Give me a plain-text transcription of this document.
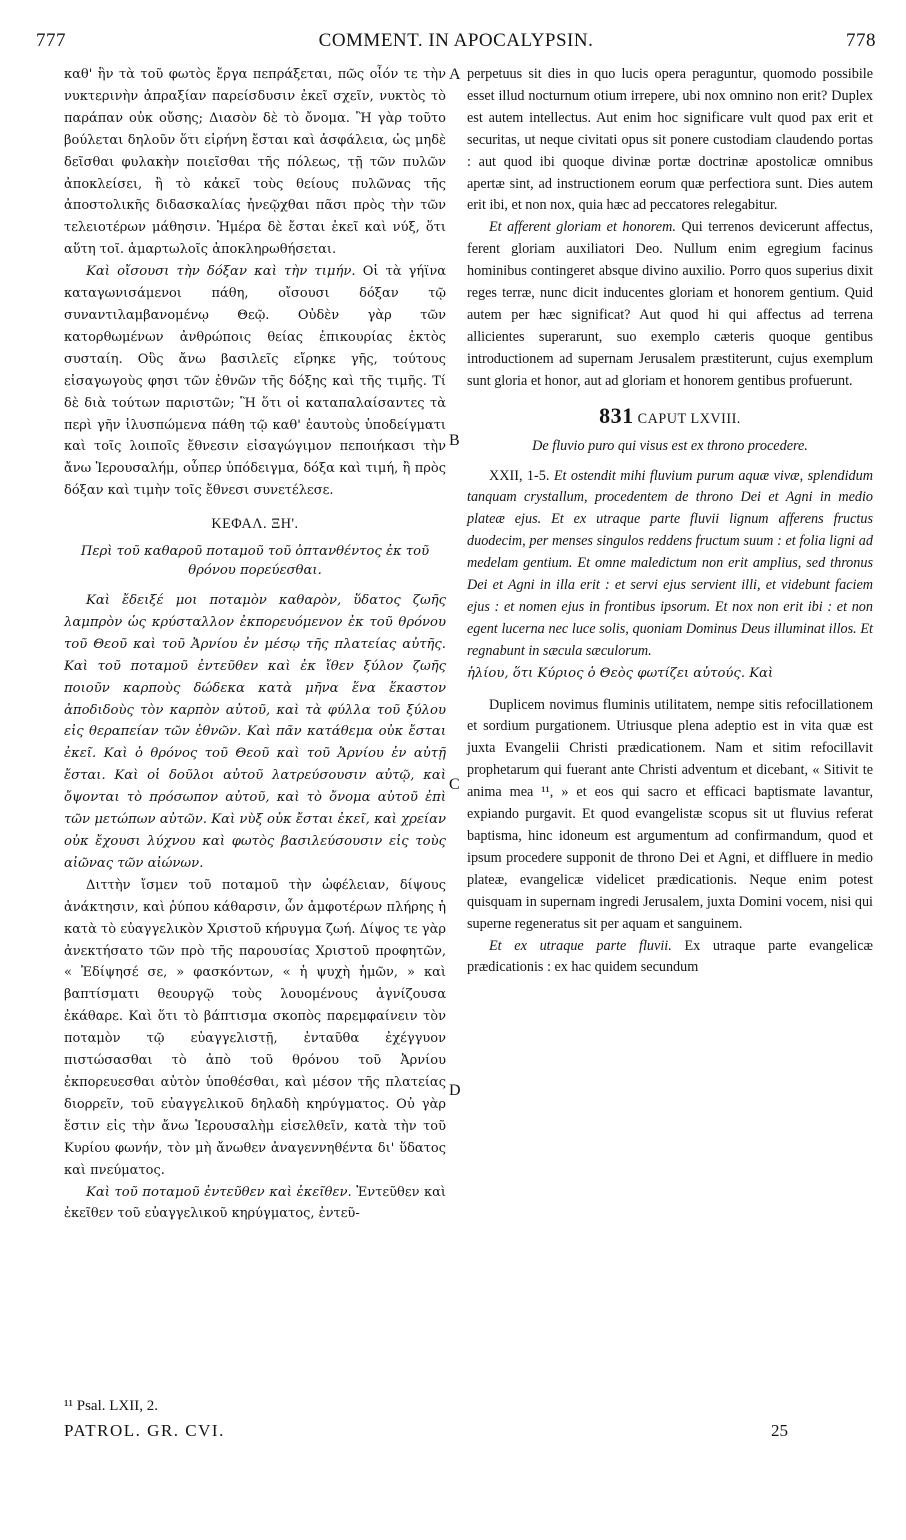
777	COMMENT. IN APOCALYPSIN.	778
A
B
C
D

καθ' ἣν τὰ τοῦ φωτὸς ἔργα πεπράξεται, πῶς οἷόν τε τὴν νυκτερινὴν ἀπραξίαν παρείσδυσιν ἐκεῖ σχεῖν, νυκτὸς τὸ παράπαν οὐκ οὔσης; Διασὸν δὲ τὸ ὄνομα. Ἢ γὰρ τοῦτο βούλεται δηλοῦν ὅτι εἰρήνη ἔσται καὶ ἀσφάλεια, ὡς μηδὲ δεῖσθαι φυλακὴν ποιεῖσθαι τῆς πόλεως, τῇ τῶν πυλῶν ἀποκλείσει, ἢ τὸ κἀκεῖ τοὺς θείους πυλῶνας τῆς ἀποστολικῆς διδασκαλίας ἠνεῷχθαι πᾶσι πρὸς τὴν τῶν τελειοτέρων μάθησιν. Ἡμέρα δὲ ἔσται ἐκεῖ καὶ νύξ, ὅτι αὕτη τοῖ. ἁμαρτωλοῖς ἀποκληρωθήσεται.

Καὶ οἴσουσι τὴν δόξαν καὶ τὴν τιμήν. Οἱ τὰ γήϊνα καταγωνισάμενοι πάθη, οἴσουσι δόξαν τῷ συναντιλαμβανομένῳ Θεῷ. Οὐδὲν γὰρ τῶν κατορθωμένων ἀνθρώποις θείας ἐπικουρίας ἐκτὸς συσταίη. Οὓς ἄνω βασιλεῖς εἴρηκε γῆς, τούτους εἰσαγωγοὺς φησι τῶν ἐθνῶν τῆς δόξης καὶ τῆς τιμῆς. Τί δὲ διὰ τούτων παριστῶν; Ἢ ὅτι οἱ καταπαλαίσαντες τὰ περὶ γῆν ἰλυσπώμενα πάθη τῷ καθ' ἑαυτοὺς ὑποδείγματι καὶ τοῖς λοιποῖς ἔθνεσιν εἰσαγώγιμον πεποιήκασι τὴν ἄνω Ἱερουσαλήμ, οὗπερ ὑπόδειγμα, δόξα καὶ τιμή, ἢ πρὸς δόξαν καὶ τιμὴν τοῖς ἔθνεσι συνετέλεσε.

ΚΕΦΑΛ. ΞΗ'.

Περὶ τοῦ καθαροῦ ποταμοῦ τοῦ ὀπτανθέντος ἐκ τοῦ θρόνου πορεύεσθαι.

Καὶ ἔδειξέ μοι ποταμὸν καθαρὸν, ὕδατος ζωῆς λαμπρὸν ὡς κρύσταλλον ἐκπορευόμενον ἐκ τοῦ θρόνου τοῦ Θεοῦ καὶ τοῦ Ἀρνίου ἐν μέσῳ τῆς πλατείας αὐτῆς. Καὶ τοῦ ποταμοῦ ἐντεῦθεν καὶ ἐκ ἴθεν ξύλον ζωῆς ποιοῦν καρποὺς δώδεκα κατὰ μῆνα ἕνα ἕκαστον ἀποδιδοὺς τὸν καρπὸν αὐτοῦ, καὶ τὰ φύλλα τοῦ ξύλου εἰς θεραπείαν τῶν ἐθνῶν. Καὶ πᾶν κατάθεμα οὐκ ἔσται ἐκεῖ. Καὶ ὁ θρόνος τοῦ Θεοῦ καὶ τοῦ Ἀρνίου ἐν αὐτῇ ἔσται. Καὶ οἱ δοῦλοι αὐτοῦ λατρεύσουσιν αὐτῷ, καὶ ὄψονται τὸ πρόσωπον αὐτοῦ, καὶ τὸ ὄνομα αὐτοῦ ἐπὶ τῶν μετώπων αὐτῶν. Καὶ νὺξ οὐκ ἔσται ἐκεῖ, καὶ χρείαν οὐκ ἔχουσι λύχνου καὶ φωτὸς βασιλεύσουσιν εἰς τοὺς αἰῶνας τῶν αἰώνων.

Διττὴν ἴσμεν τοῦ ποταμοῦ τὴν ὠφέλειαν, δίψους ἀνάκτησιν, καὶ ῥύπου κάθαρσιν, ὧν ἀμφοτέρων πλήρης ἡ κατὰ τὸ εὐαγγελικὸν Χριστοῦ κήρυγμα ζωή. Δίψος τε γὰρ ἀνεκτήσατο τῶν πρὸ τῆς παρουσίας Χριστοῦ προφητῶν, « Ἐδίψησέ σε, » φασκόντων, « ἡ ψυχὴ ἡμῶν, » καὶ βαπτίσματι θεουργῷ τοὺς λουομένους ἁγνίζουσα ἐκάθαρε. Καὶ ὅτι τὸ βάπτισμα σκοπὸς παρεμφαίνειν τὸν ποταμὸν τῷ εὐαγγελιστῇ, ἐνταῦθα ἐχέγγυον πιστώσασθαι τὸ ἀπὸ τοῦ θρόνου τοῦ Ἀρνίου ἐκπορευεσθαι αὐτὸν ὑποθέσθαι, καὶ μέσον τῆς πλατείας διορρεῖν, τοῦ εὐαγγελικοῦ δηλαδὴ κηρύγματος. Οὐ γὰρ ἔστιν εἰς τὴν ἄνω Ἱερουσαλὴμ εἰσελθεῖν, κατὰ τὴν τοῦ Κυρίου φωνήν, τὸν μὴ ἄνωθεν ἀναγεννηθέντα δι' ὕδατος καὶ πνεύματος.

Καὶ τοῦ ποταμοῦ ἐντεῦθεν καὶ ἐκεῖθεν. Ἐντεῦθεν καὶ ἐκεῖθεν τοῦ εὐαγγελικοῦ κηρύγματος, ἐντεῦ-

perpetuus sit dies in quo lucis opera peraguntur, quomodo possibile esset illud nocturnum otium irrepere, ubi nox omnino non erit? Duplex est autem intellectus. Aut enim hoc significare vult quod pax erit et securitas, ut neque civitati opus sit ponere custodiam claudendo portas : aut quod ibi quoque divinæ portæ doctrinæ apostolicæ omnibus apertæ sint, ad instructionem eorum quæ perfectiora sunt. Dies autem erit ibi, et non nox, quia hæc ad peccatores relegabitur.

Et afferent gloriam et honorem. Qui terrenos devicerunt affectus, ferent gloriam auxiliatori Deo. Nullum enim egregium facinus hominibus contingeret absque divino auxilio. Porro quos superius dixit reges terræ, nunc dicit inducentes gloriam et honorem gentium. Quid autem per hæc significat? Aut quod hi qui affectus ad terrena allicientes superarunt, suo exemplo cæteris quoque gentibus introductionem ad supernam Jerusalem præstiterunt, cujus exemplum sunt gloria et honor, aut ad gloriam et honorem gentibus profuerunt.

831 CAPUT LXVIII.

De fluvio puro qui visus est ex throno procedere.

XXII, 1-5. Et ostendit mihi fluvium purum aquæ vivæ, splendidum tanquam crystallum, procedentem de throno Dei et Agni in medio plateæ ejus. Et ex utraque parte fluvii lignum afferens fructus duodecim, per menses singulos reddens fructum suum : et folia ligni ad medelam gentium. Et omne maledictum non erit amplius, sed thronus Dei et Agni in illa erit : et servi ejus servient illi, et videbunt faciem ejus : et nomen ejus in frontibus ipsorum. Et nox non erit ibi : et non egent lucerna nec luce solis, quoniam Dominus Deus illuminat illos. Et regnabunt in sæcula sæculorum.

ἡλίου, ὅτι Κύριος ὁ Θεὸς φωτίζει αὐτούς. Καὶ

Duplicem novimus fluminis utilitatem, nempe sitis refocillationem et sordium purgationem. Utriusque plena adeptio est in vita quæ est juxta Evangelii Christi prædicationem. Nam et sitim refocillavit prophetarum qui fuerant ante Christi adventum et dicebant, « Sitivit te anima mea ¹¹, » et eos qui sacro et efficaci baptismate lavantur, expiando purgavit. Et quod evangelistæ scopus sit ut fluvius referat baptisma, hinc idoneum est argumentum ad confirmandum, quod et ipsum procedere supponit de throno Dei et Agni, et diffluere in medio plateæ, evangelicæ videlicet prædicationis. Neque enim potest quisquam in supernam ingredi Jerusalem, juxta Domini vocem, nisi qui superne regeneratus sit per aquam et sanguinem.

Et ex utraque parte fluvii. Ex utraque parte evangelicæ prædicationis : ex hac quidem secundum

¹¹ Psal. LXII, 2.
PATROL. GR. CVI.	25
